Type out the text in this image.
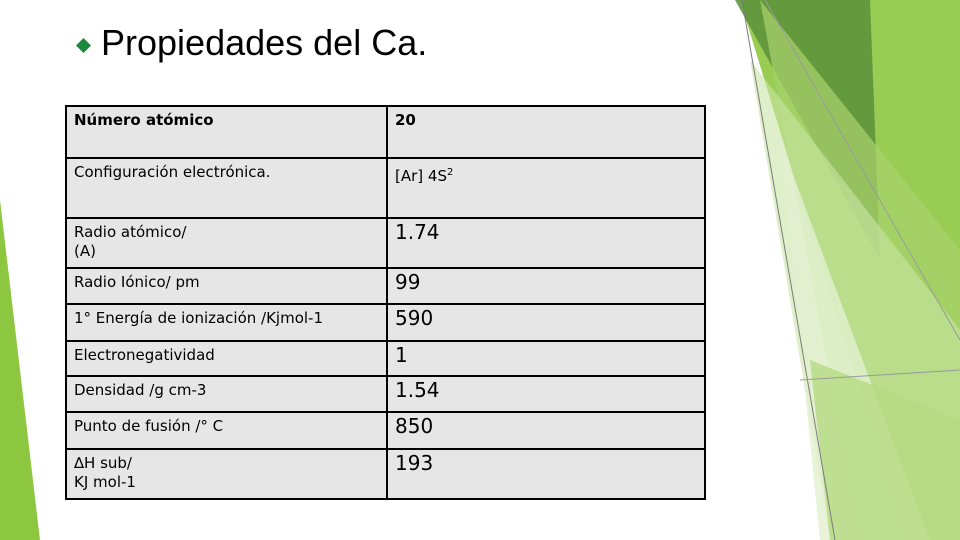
Propiedades del Ca.
Número atómico	20
Configuración electrónica.	[Ar] $4S^2$
Radio atómico/
(A)	1.74
Radio Iónico/ pm	99
1° Energía de ionización /Kjmol-1	590
Electronegatividad	1
Densidad /g cm-3	1.54
Punto de fusión /° C	850
∆H sub/
KJ mol-1	193
